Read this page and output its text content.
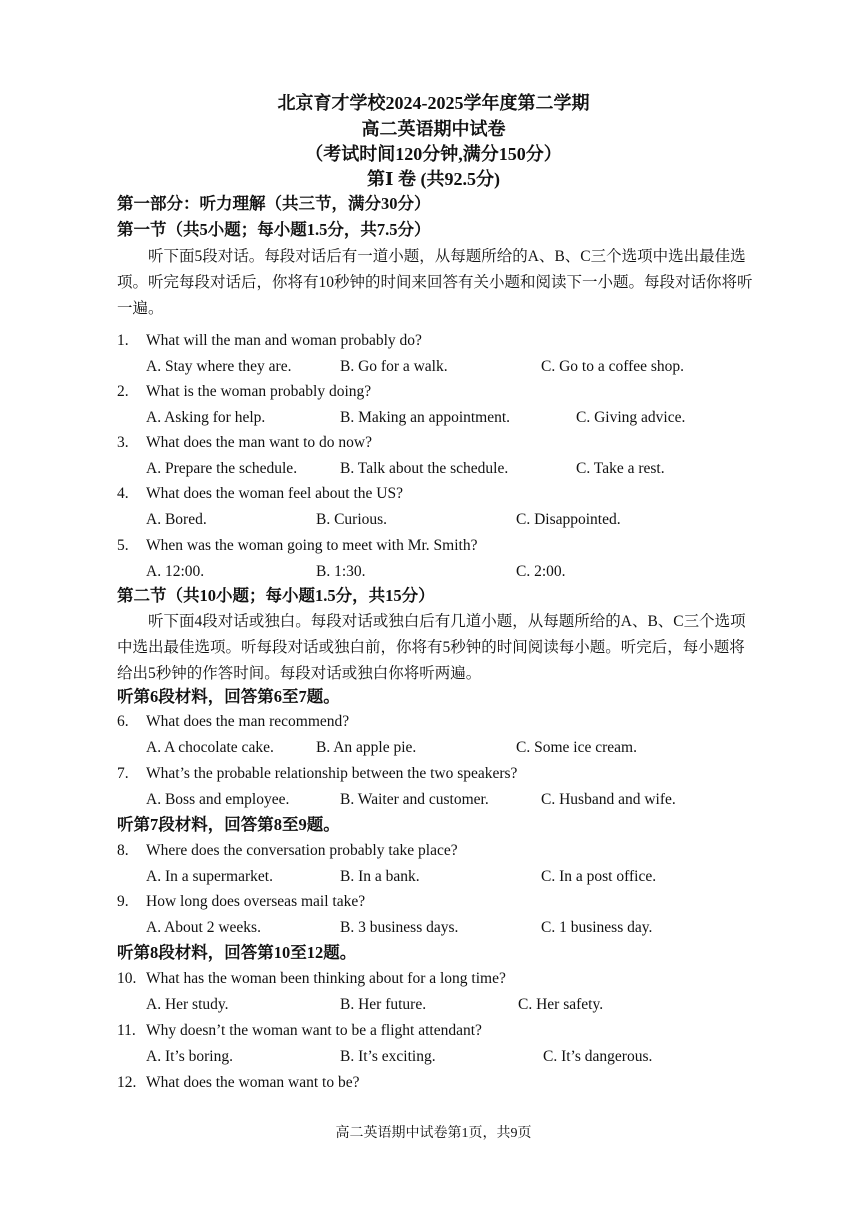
北京育才学校2024-2025学年度第二学期
高二英语期中试卷
（考试时间120分钟,满分150分）
第Ⅰ 卷 (共92.5分)
第一部分：听力理解（共三节，满分30分）
第一节（共5小题；每小题1.5分，共7.5分）
听下面5段对话。每段对话后有一道小题，从每题所给的A、B、C三个选项中选出最佳选项。听完每段对话后，你将有10秒钟的时间来回答有关小题和阅读下一小题。每段对话你将听一遍。
1. What will the man and woman probably do?
A. Stay where they are.	B. Go for a walk.	C. Go to a coffee shop.
2. What is the woman probably doing?
A. Asking for help.	B. Making an appointment.	C. Giving advice.
3. What does the man want to do now?
A. Prepare the schedule.	B. Talk about the schedule.	C. Take a rest.
4. What does the woman feel about the US?
A. Bored.	B. Curious.	C. Disappointed.
5. When was the woman going to meet with Mr. Smith?
A. 12:00.	B. 1:30.	C. 2:00.
第二节（共10小题；每小题1.5分，共15分）
听下面4段对话或独白。每段对话或独白后有几道小题，从每题所给的A、B、C三个选项中选出最佳选项。听每段对话或独白前，你将有5秒钟的时间阅读每小题。听完后，每小题将给出5秒钟的作答时间。每段对话或独白你将听两遍。
听第6段材料，回答第6至7题。
6. What does the man recommend?
A. A chocolate cake.	B. An apple pie.	C. Some ice cream.
7. What’s the probable relationship between the two speakers?
A. Boss and employee.	B. Waiter and customer.	C. Husband and wife.
听第7段材料，回答第8至9题。
8. Where does the conversation probably take place?
A. In a supermarket.	B. In a bank.	C. In a post office.
9. How long does overseas mail take?
A. About 2 weeks.	B. 3 business days.	C. 1 business day.
听第8段材料，回答第10至12题。
10. What has the woman been thinking about for a long time?
A. Her study.	B. Her future.	C. Her safety.
11. Why doesn’t the woman want to be a flight attendant?
A. It’s boring.	B. It’s exciting.	C. It’s dangerous.
12. What does the woman want to be?
高二英语期中试卷第1页，共9页
